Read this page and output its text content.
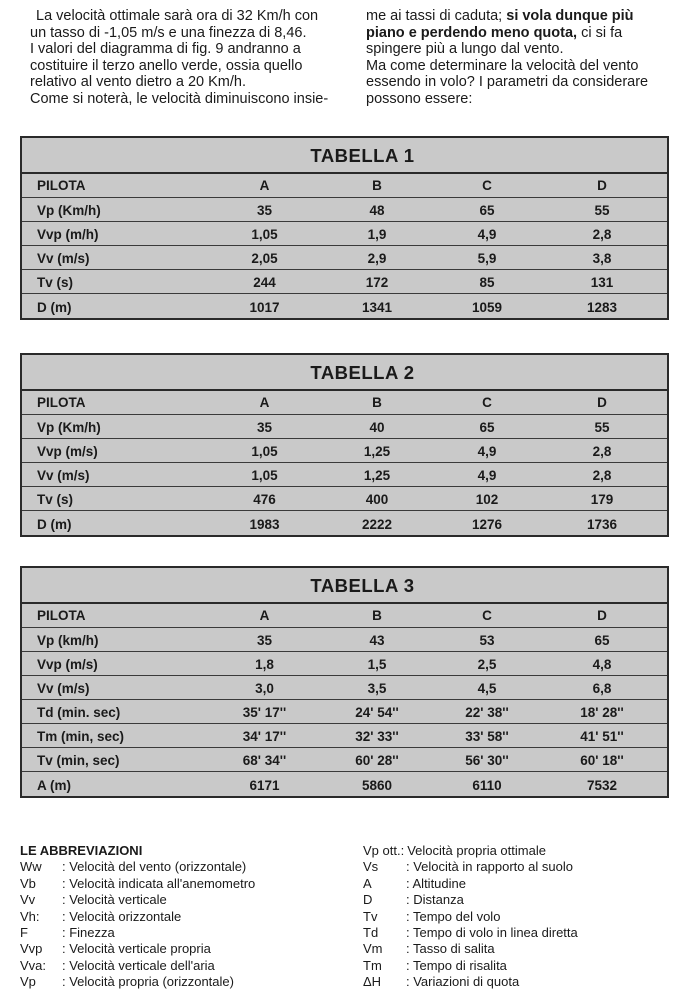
La velocità ottimale sarà ora di 32 Km/h con un tasso di -1,05 m/s e una finezza di 8,46.

I valori del diagramma di fig. 9 andranno a costituire il terzo anello verde, ossia quello relativo al vento dietro a 20 Km/h.

Come si noterà, le velocità diminuiscono insie-

me ai tassi di caduta; si vola dunque più piano e perdendo meno quota, ci si fa spingere più a lungo dal vento.

Ma come determinare la velocità del vento essendo in volo? I parametri da considerare possono essere:

TABELLA 1
PILOTA	A	B	C	D
Vp (Km/h)	35	48	65	55
Vvp (m/h)	1,05	1,9	4,9	2,8
Vv (m/s)	2,05	2,9	5,9	3,8
Tv (s)	244	172	85	131
D (m)	1017	1341	1059	1283
TABELLA 2
PILOTA	A	B	C	D
Vp (Km/h)	35	40	65	55
Vvp (m/s)	1,05	1,25	4,9	2,8
Vv (m/s)	1,05	1,25	4,9	2,8
Tv (s)	476	400	102	179
D (m)	1983	2222	1276	1736
TABELLA 3
PILOTA	A	B	C	D
Vp (km/h)	35	43	53	65
Vvp (m/s)	1,8	1,5	2,5	4,8
Vv (m/s)	3,0	3,5	4,5	6,8
Td (min. sec)	35' 17''	24' 54''	22' 38''	18' 28''
Tm (min, sec)	34' 17''	32' 33''	33' 58''	41' 51''
Tv (min, sec)	68' 34''	60' 28''	56' 30''	60' 18''
A (m)	6171	5860	6110	7532
LE ABBREVIAZIONI
Ww	: Velocità del vento (orizzontale)
Vb	: Velocità indicata all'anemometro
Vv	: Velocità verticale
Vh:	: Velocità orizzontale
F	: Finezza
Vvp	: Velocità verticale propria
Vva:	: Velocità verticale dell'aria
Vp	: Velocità propria (orizzontale)
Vp ott.: Velocità propria ottimale
Vs	: Velocità in rapporto al suolo
A	: Altitudine
D	: Distanza
Tv	: Tempo del volo
Td	: Tempo di volo in linea diretta
Vm	: Tasso di salita
Tm	: Tempo di risalita
ΔH	: Variazioni di quota
